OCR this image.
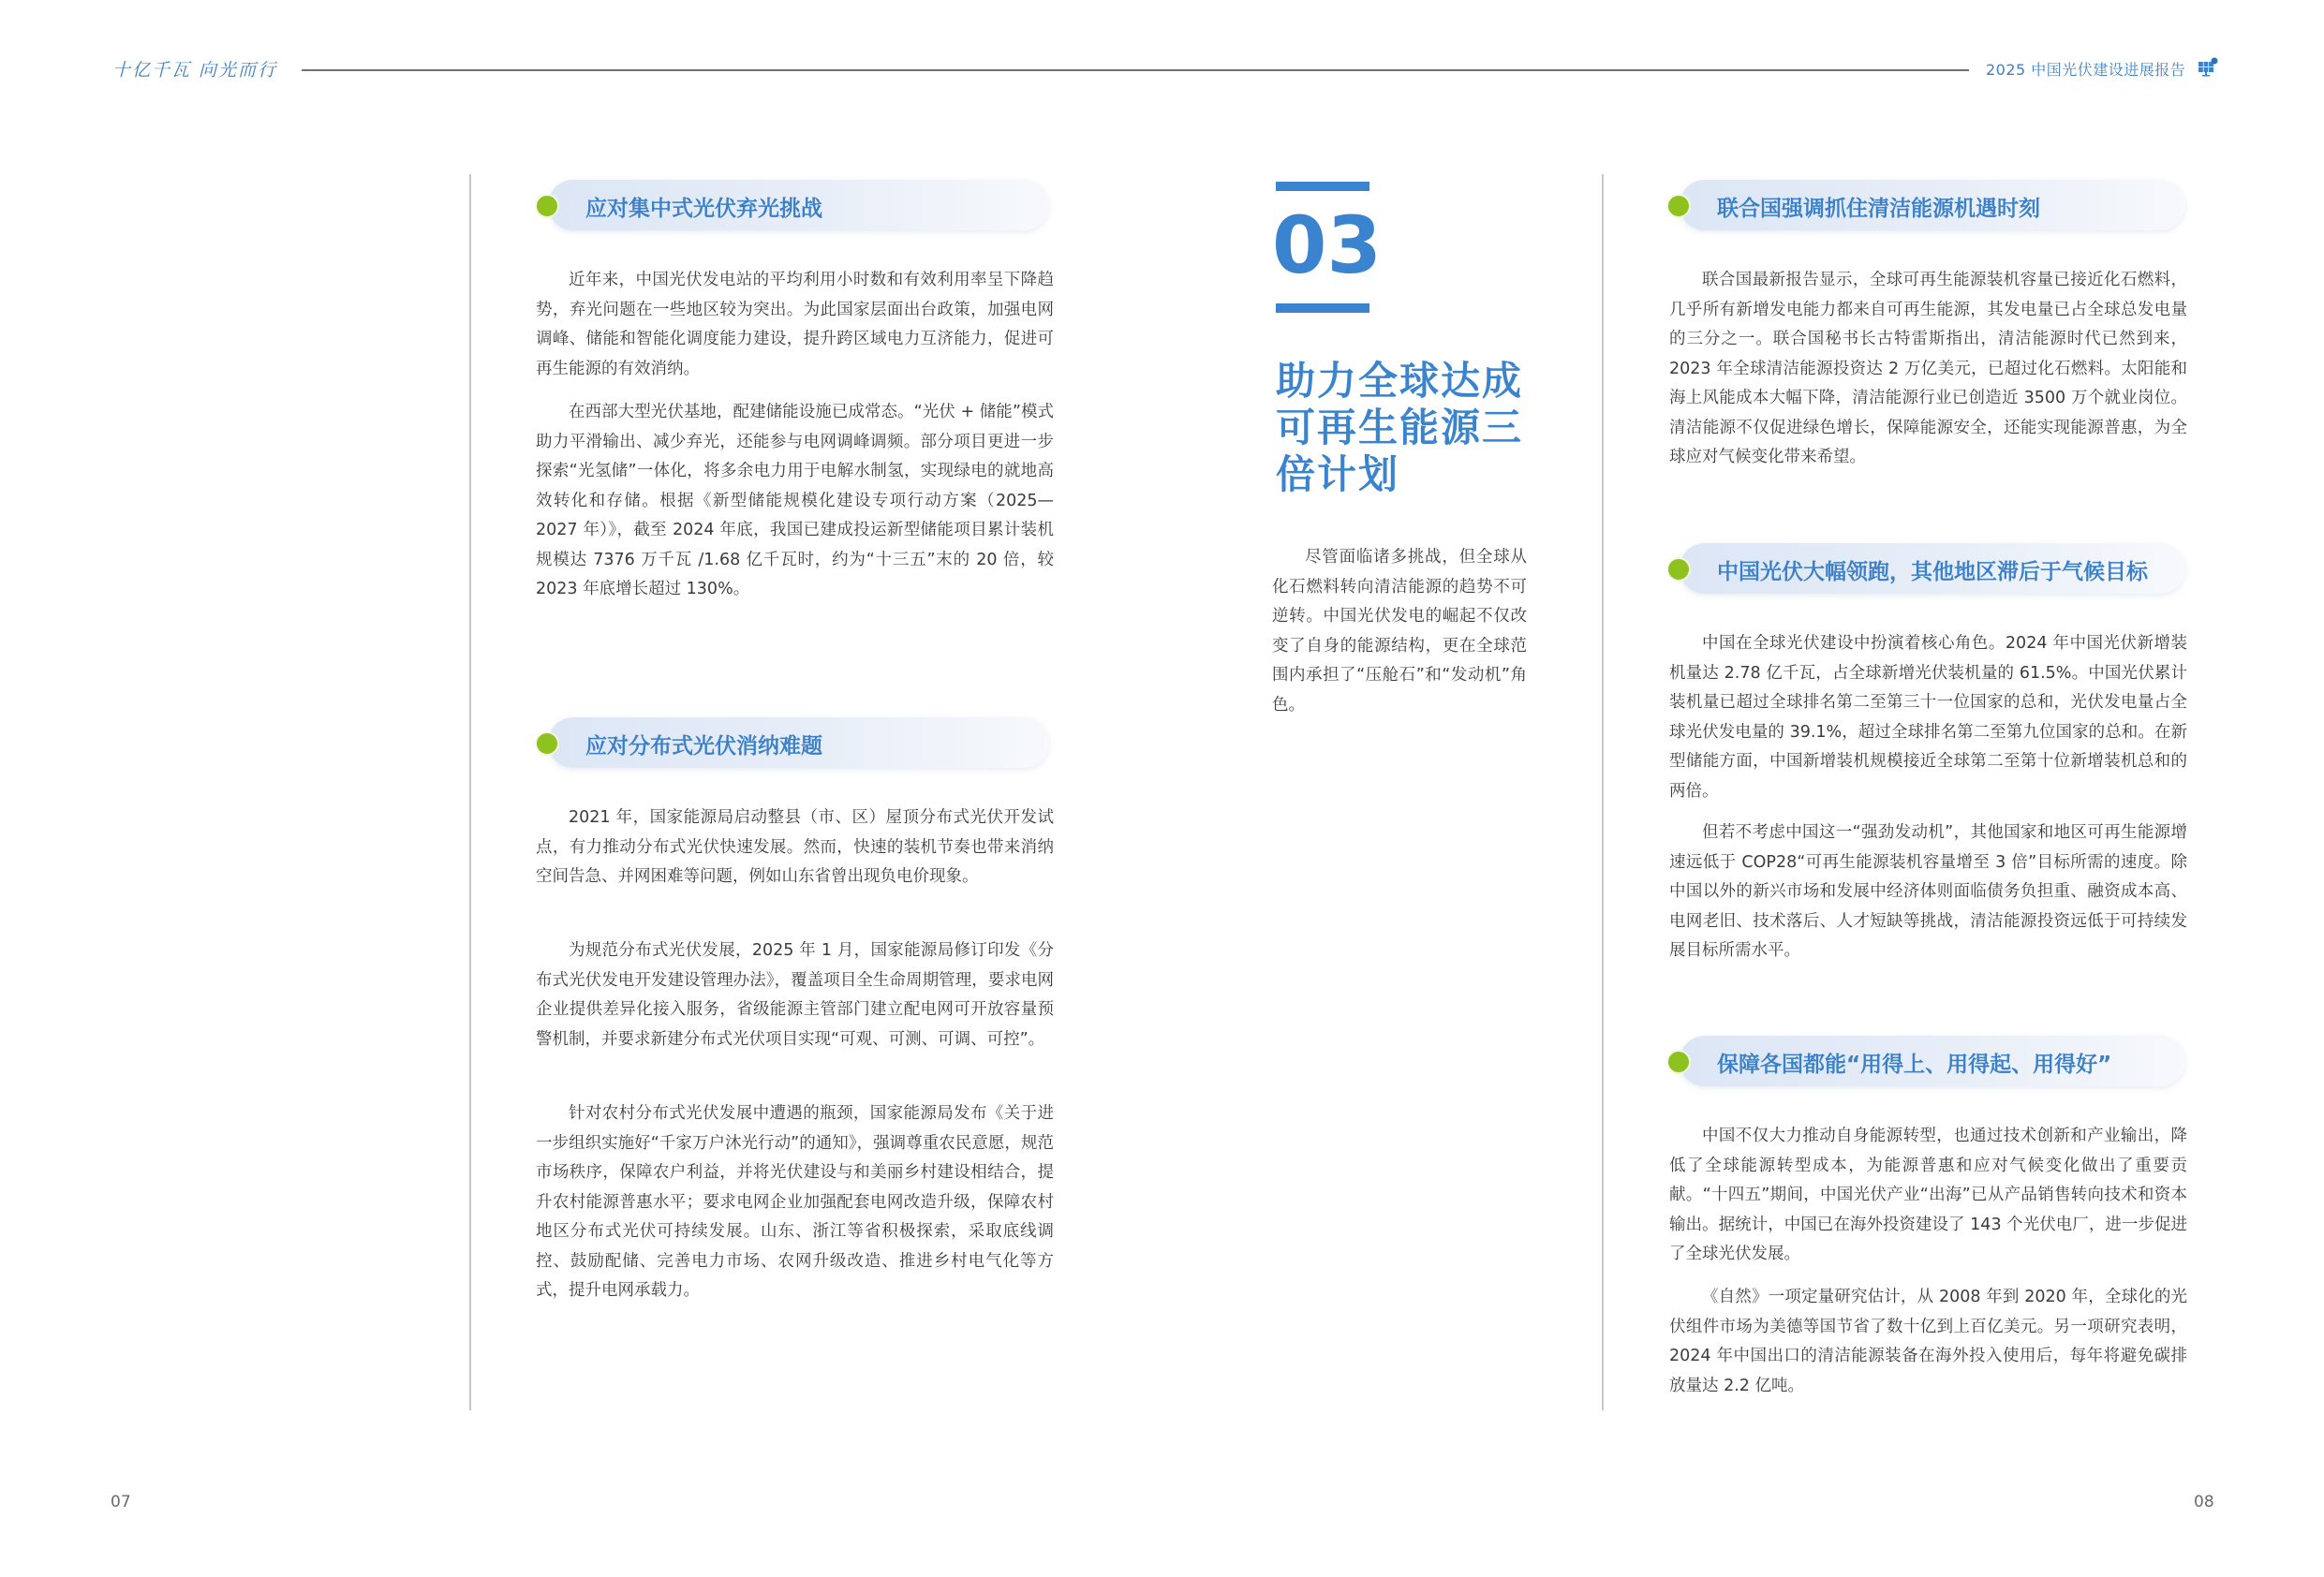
十亿千瓦 向光而行	2025 中国光伏建设进展报告
应对集中式光伏弃光挑战

近年来，中国光伏发电站的平均利用小时数和有效利用率呈下降趋势，弃光问题在一些地区较为突出。为此国家层面出台政策，加强电网调峰、储能和智能化调度能力建设，提升跨区域电力互济能力，促进可再生能源的有效消纳。

在西部大型光伏基地，配建储能设施已成常态。“光伏 + 储能”模式助力平滑输出、减少弃光，还能参与电网调峰调频。部分项目更进一步探索“光氢储”一体化，将多余电力用于电解水制氢，实现绿电的就地高效转化和存储。根据《新型储能规模化建设专项行动方案（2025—2027 年）》，截至 2024 年底，我国已建成投运新型储能项目累计装机规模达 7376 万千瓦 /1.68 亿千瓦时，约为“十三五”末的 20 倍，较 2023 年底增长超过 130%。

应对分布式光伏消纳难题

2021 年，国家能源局启动整县（市、区）屋顶分布式光伏开发试点，有力推动分布式光伏快速发展。然而，快速的装机节奏也带来消纳空间告急、并网困难等问题，例如山东省曾出现负电价现象。

为规范分布式光伏发展，2025 年 1 月，国家能源局修订印发《分布式光伏发电开发建设管理办法》，覆盖项目全生命周期管理，要求电网企业提供差异化接入服务，省级能源主管部门建立配电网可开放容量预警机制，并要求新建分布式光伏项目实现“可观、可测、可调、可控”。

针对农村分布式光伏发展中遭遇的瓶颈，国家能源局发布《关于进一步组织实施好“千家万户沐光行动”的通知》，强调尊重农民意愿，规范市场秩序，保障农户利益，并将光伏建设与和美丽乡村建设相结合，提升农村能源普惠水平；要求电网企业加强配套电网改造升级，保障农村地区分布式光伏可持续发展。山东、浙江等省积极探索，采取底线调控、鼓励配储、完善电力市场、农网升级改造、推进乡村电气化等方式，提升电网承载力。

07
03
助力全球达成可再生能源三倍计划

尽管面临诸多挑战，但全球从化石燃料转向清洁能源的趋势不可逆转。中国光伏发电的崛起不仅改变了自身的能源结构，更在全球范围内承担了“压舱石”和“发动机”角色。

联合国强调抓住清洁能源机遇时刻

联合国最新报告显示，全球可再生能源装机容量已接近化石燃料，几乎所有新增发电能力都来自可再生能源，其发电量已占全球总发电量的三分之一。联合国秘书长古特雷斯指出，清洁能源时代已然到来，2023 年全球清洁能源投资达 2 万亿美元，已超过化石燃料。太阳能和海上风能成本大幅下降，清洁能源行业已创造近 3500 万个就业岗位。清洁能源不仅促进绿色增长，保障能源安全，还能实现能源普惠，为全球应对气候变化带来希望。

中国光伏大幅领跑，其他地区滞后于气候目标

中国在全球光伏建设中扮演着核心角色。2024 年中国光伏新增装机量达 2.78 亿千瓦，占全球新增光伏装机量的 61.5%。中国光伏累计装机量已超过全球排名第二至第三十一位国家的总和，光伏发电量占全球光伏发电量的 39.1%，超过全球排名第二至第九位国家的总和。在新型储能方面，中国新增装机规模接近全球第二至第十位新增装机总和的两倍。

但若不考虑中国这一“强劲发动机”，其他国家和地区可再生能源增速远低于 COP28“可再生能源装机容量增至 3 倍”目标所需的速度。除中国以外的新兴市场和发展中经济体则面临债务负担重、融资成本高、电网老旧、技术落后、人才短缺等挑战，清洁能源投资远低于可持续发展目标所需水平。

保障各国都能“用得上、用得起、用得好”

中国不仅大力推动自身能源转型，也通过技术创新和产业输出，降低了全球能源转型成本，为能源普惠和应对气候变化做出了重要贡献。“十四五”期间，中国光伏产业“出海”已从产品销售转向技术和资本输出。据统计，中国已在海外投资建设了 143 个光伏电厂，进一步促进了全球光伏发展。

《自然》一项定量研究估计，从 2008 年到 2020 年，全球化的光伏组件市场为美德等国节省了数十亿到上百亿美元。另一项研究表明，2024 年中国出口的清洁能源装备在海外投入使用后，每年将避免碳排放量达 2.2 亿吨。

08
